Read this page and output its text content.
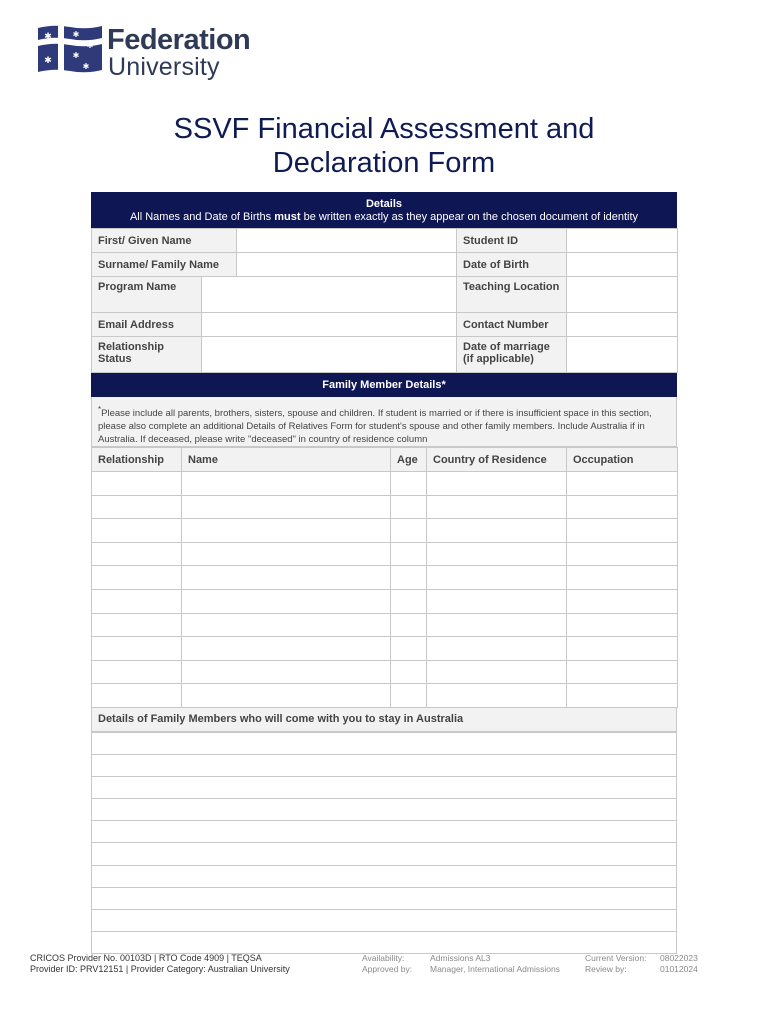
✱
✱
✱
✱
✱
✱
Federation
University
SSVF Financial Assessment and
Declaration Form
Details
All Names and Date of Births must be written exactly as they appear on the chosen document of identity
First/ Given Name			Student ID	
Surname/ Family Name			Date of Birth	
Program Name			Teaching Location	
Email Address			Contact Number	
Relationship Status			Date of marriage (if applicable)	
Family Member Details*
*Please include all parents, brothers, sisters, spouse and children. If student is married or if there is insufficient space in this section, please also complete an additional Details of Relatives Form for student's spouse and other family members. Include Australia if in Australia. If deceased, please write "deceased" in country of residence column
Relationship	Name	Age	Country of Residence	Occupation

Details of Family Members who will come with you to stay in Australia

CRICOS Provider No. 00103D | RTO Code 4909 | TEQSA
Provider ID: PRV12151 | Provider Category: Australian University
Availability:
Approved by:
Admissions AL3
Manager, International Admissions
Current Version:
Review by:
08022023
01012024
